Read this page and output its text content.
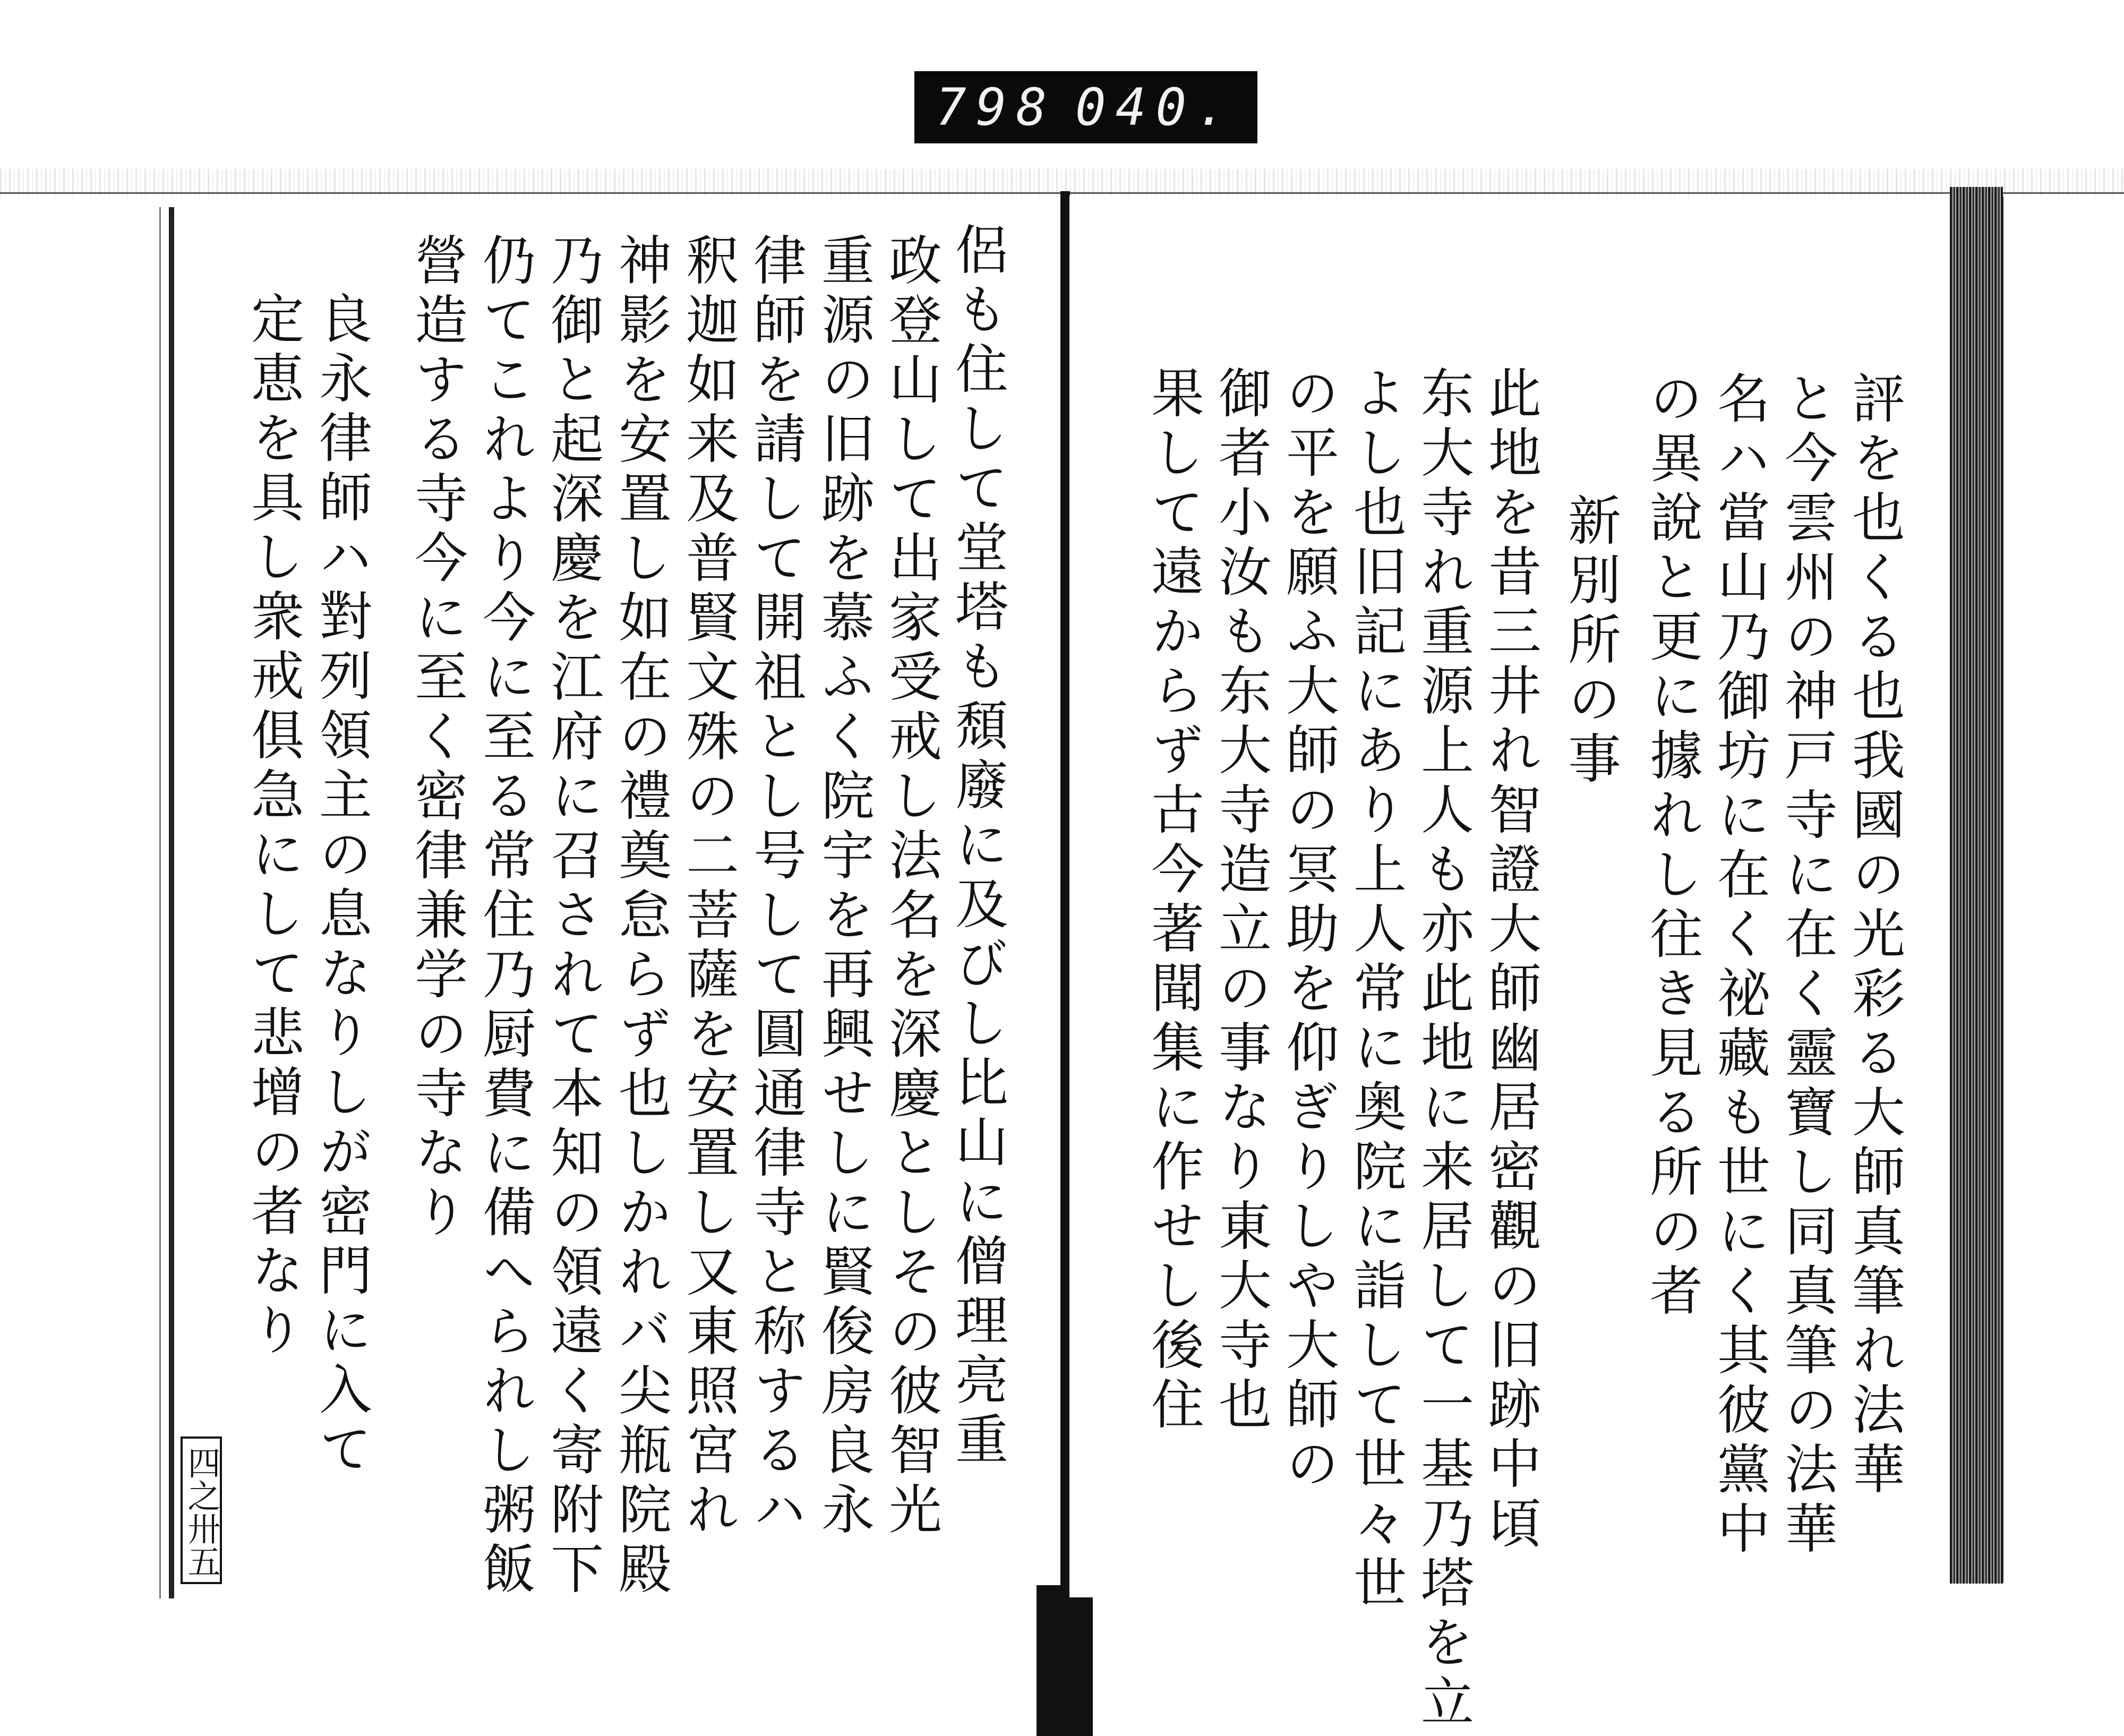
798 040.
侶も住して堂塔も頹廢に及びし比山に僧理亮重
政登山して出家受戒し法名を深慶としその彼智光
重源の旧跡を慕ふく院宇を再興せしに賢俊房良永
律師を請して開祖とし号して圓通律寺と称するハ
釈迦如来及普賢文殊の二菩薩を安置し又東照宮れ
神影を安置し如在の禮奠怠らず也しかれバ尖瓶院殿
乃御と起深慶を江府に召されて本知の領遠く寄附下
仍てこれより今に至る常住乃厨費に備へられし粥飯
營造する寺今に至く密律兼学の寺なり
良永律師ハ對列領主の息なりしが密門に入て
定恵を具し衆戒俱急にして悲增の者なり
四之卅五
評を也くる也我國の光彩る大師真筆れ法華
と今雲州の神戸寺に在く靈寶し同真筆の法華
名ハ當山乃御坊に在く祕藏も世にく其彼黨中
の異說と更に據れし往き見る所の者
新別所の事
此地を昔三井れ智證大師幽居密觀の旧跡中頃
东大寺れ重源上人も亦此地に来居して一基乃塔を立
よし也旧記にあり上人常に奥院に詣して世々世
の平を願ふ大師の冥助を仰ぎりしや大師の
御者小汝も东大寺造立の事なり東大寺也
果して遠からず古今著聞集に作せし後住
